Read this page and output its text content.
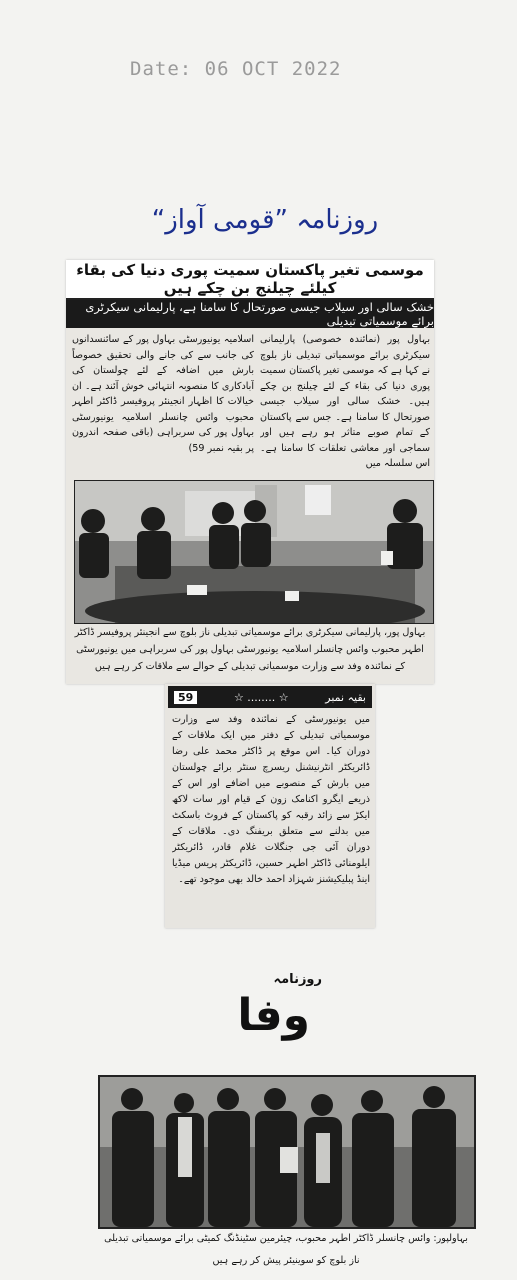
Date: 06 OCT 2022
روزنامہ ”قومی آواز“
موسمی تغیر پاکستان سمیت پوری دنیا کی بقاء کیلئے چیلنج بن چکے ہیں
خشک سالی اور سیلاب جیسی صورتحال کا سامنا ہے، پارلیمانی سیکرٹری برائے موسمیاتی تبدیلی
بہاول پور (نمائندہ خصوصی) پارلیمانی سیکرٹری برائے موسمیاتی تبدیلی ناز بلوچ نے کہا ہے کہ موسمی تغیر پاکستان سمیت پوری دنیا کی بقاء کے لئے چیلنج بن چکے ہیں۔ خشک سالی اور سیلاب جیسی صورتحال کا سامنا ہے۔ جس سے پاکستان کے تمام صوبے متاثر ہو رہے ہیں اور سماجی اور معاشی تعلقات کا سامنا ہے۔ اس سلسلہ میں
اسلامیہ یونیورسٹی بہاول پور کے سائنسدانوں کی جانب سے کی جانے والی تحقیق خصوصاً بارش میں اضافہ کے لئے چولستان کی آبادکاری کا منصوبہ انتہائی خوش آئند ہے۔ ان خیالات کا اظہار انجینئر پروفیسر ڈاکٹر اطہر محبوب وائس چانسلر اسلامیہ یونیورسٹی بہاول پور کی سربراہی (باقی صفحہ اندرون پر بقیہ نمبر 59)
بہاول پور، پارلیمانی سیکرٹری برائے موسمیاتی تبدیلی ناز بلوچ سے انجینئر پروفیسر ڈاکٹر اطہر محبوب وائس چانسلر اسلامیہ یونیورسٹی بہاول پور کی سربراہی میں یونیورسٹی کے نمائندہ وفد سے وزارت موسمیاتی تبدیلی کے حوالے سے ملاقات کر رہے ہیں
59	☆ ........ ☆	بقیہ نمبر
میں یونیورسٹی کے نمائندہ وفد سے وزارت موسمیاتی تبدیلی کے دفتر میں ایک ملاقات کے دوران کیا۔ اس موقع پر ڈاکٹر محمد علی رضا ڈائریکٹر انٹرنیشنل ریسرچ سنٹر برائے چولستان میں بارش کے منصوبے میں اضافے اور اس کے ذریعے ایگرو اکنامک زون کے قیام اور سات لاکھ ایکڑ سے زائد رقبہ کو پاکستان کے فروٹ باسکٹ میں بدلنے سے متعلق بریفنگ دی۔ ملاقات کے دوران آئی جی جنگلات غلام قادر، ڈائریکٹر ایلومنائی ڈاکٹر اطہر حسین، ڈائریکٹر پریس میڈیا اینڈ پبلیکیشنز شہزاد احمد خالد بھی موجود تھے۔
روزنامہ
وفا
بہاولپور: وائس چانسلر ڈاکٹر اطہر محبوب، چیئرمین سٹینڈنگ کمیٹی برائے موسمیاتی تبدیلی ناز بلوچ کو سوینیئر پیش کر رہے ہیں
